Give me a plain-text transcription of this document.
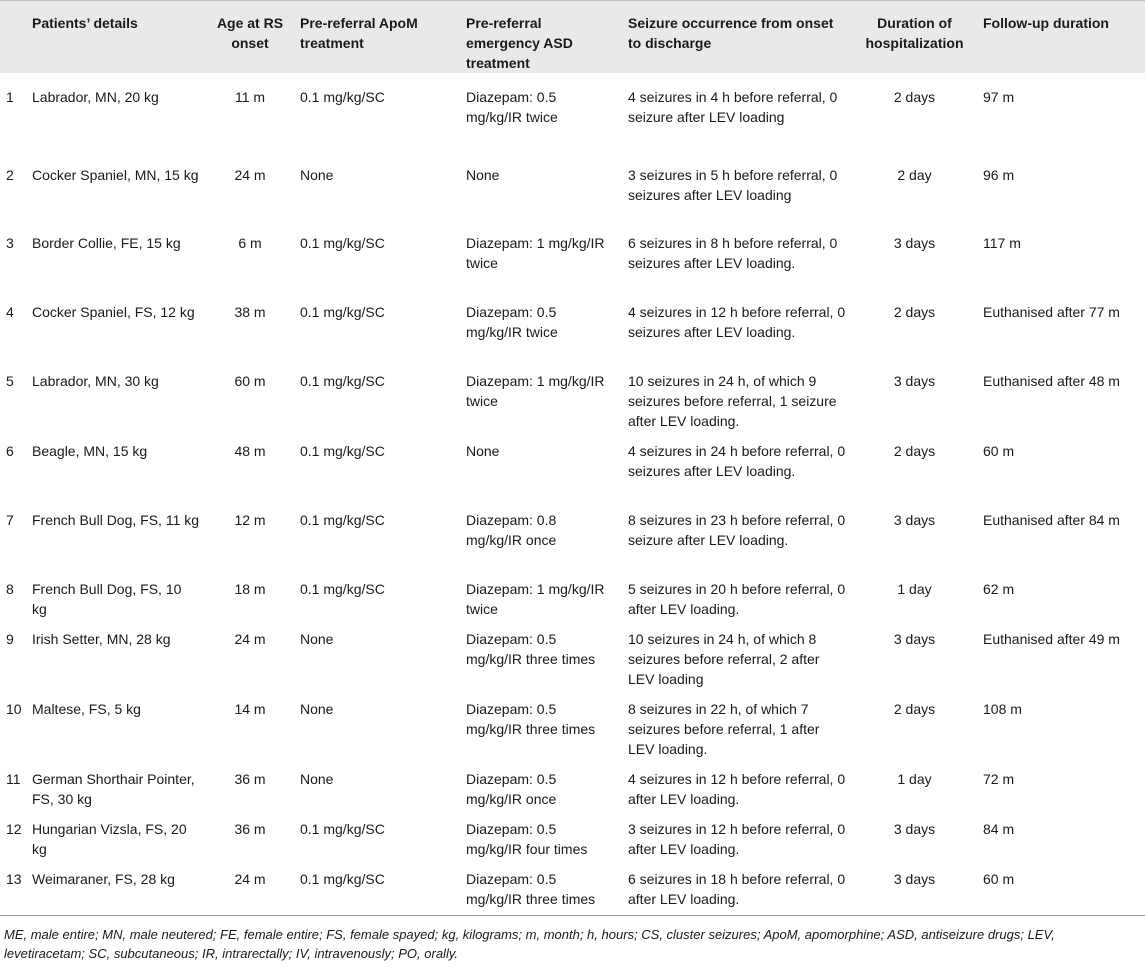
	Patients’ details	Age at RS onset	Pre-referral ApoM treatment	Pre-referral emergency ASD treatment	Seizure occurrence from onset to discharge	Duration of hospitalization	Follow-up duration
1	Labrador, MN, 20 kg	11 m	0.1 mg/kg/SC	Diazepam: 0.5 mg/kg/IR twice	4 seizures in 4 h before referral, 0 seizure after LEV loading	2 days	97 m
2	Cocker Spaniel, MN, 15 kg	24 m	None	None	3 seizures in 5 h before referral, 0 seizures after LEV loading	2 day	96 m
3	Border Collie, FE, 15 kg	6 m	0.1 mg/kg/SC	Diazepam: 1 mg/kg/IR twice	6 seizures in 8 h before referral, 0 seizures after LEV loading.	3 days	117 m
4	Cocker Spaniel, FS, 12 kg	38 m	0.1 mg/kg/SC	Diazepam: 0.5 mg/kg/IR twice	4 seizures in 12 h before referral, 0 seizures after LEV loading.	2 days	Euthanised after 77 m
5	Labrador, MN, 30 kg	60 m	0.1 mg/kg/SC	Diazepam: 1 mg/kg/IR twice	10 seizures in 24 h, of which 9 seizures before referral, 1 seizure after LEV loading.	3 days	Euthanised after 48 m
6	Beagle, MN, 15 kg	48 m	0.1 mg/kg/SC	None	4 seizures in 24 h before referral, 0 seizures after LEV loading.	2 days	60 m
7	French Bull Dog, FS, 11 kg	12 m	0.1 mg/kg/SC	Diazepam: 0.8 mg/kg/IR once	8 seizures in 23 h before referral, 0 seizure after LEV loading.	3 days	Euthanised after 84 m
8	French Bull Dog, FS, 10 kg	18 m	0.1 mg/kg/SC	Diazepam: 1 mg/kg/IR twice	5 seizures in 20 h before referral, 0 after LEV loading.	1 day	62 m
9	Irish Setter, MN, 28 kg	24 m	None	Diazepam: 0.5 mg/kg/IR three times	10 seizures in 24 h, of which 8 seizures before referral, 2 after LEV loading	3 days	Euthanised after 49 m
10	Maltese, FS, 5 kg	14 m	None	Diazepam: 0.5 mg/kg/IR three times	8 seizures in 22 h, of which 7 seizures before referral, 1 after LEV loading.	2 days	108 m
11	German Shorthair Pointer, FS, 30 kg	36 m	None	Diazepam: 0.5 mg/kg/IR once	4 seizures in 12 h before referral, 0 after LEV loading.	1 day	72 m
12	Hungarian Vizsla, FS, 20 kg	36 m	0.1 mg/kg/SC	Diazepam: 0.5 mg/kg/IR four times	3 seizures in 12 h before referral, 0 after LEV loading.	3 days	84 m
13	Weimaraner, FS, 28 kg	24 m	0.1 mg/kg/SC	Diazepam: 0.5 mg/kg/IR three times	6 seizures in 18 h before referral, 0 after LEV loading.	3 days	60 m
ME, male entire; MN, male neutered; FE, female entire; FS, female spayed; kg, kilograms; m, month; h, hours; CS, cluster seizures; ApoM, apomorphine; ASD, antiseizure drugs; LEV, levetiracetam; SC, subcutaneous; IR, intrarectally; IV, intravenously; PO, orally.
